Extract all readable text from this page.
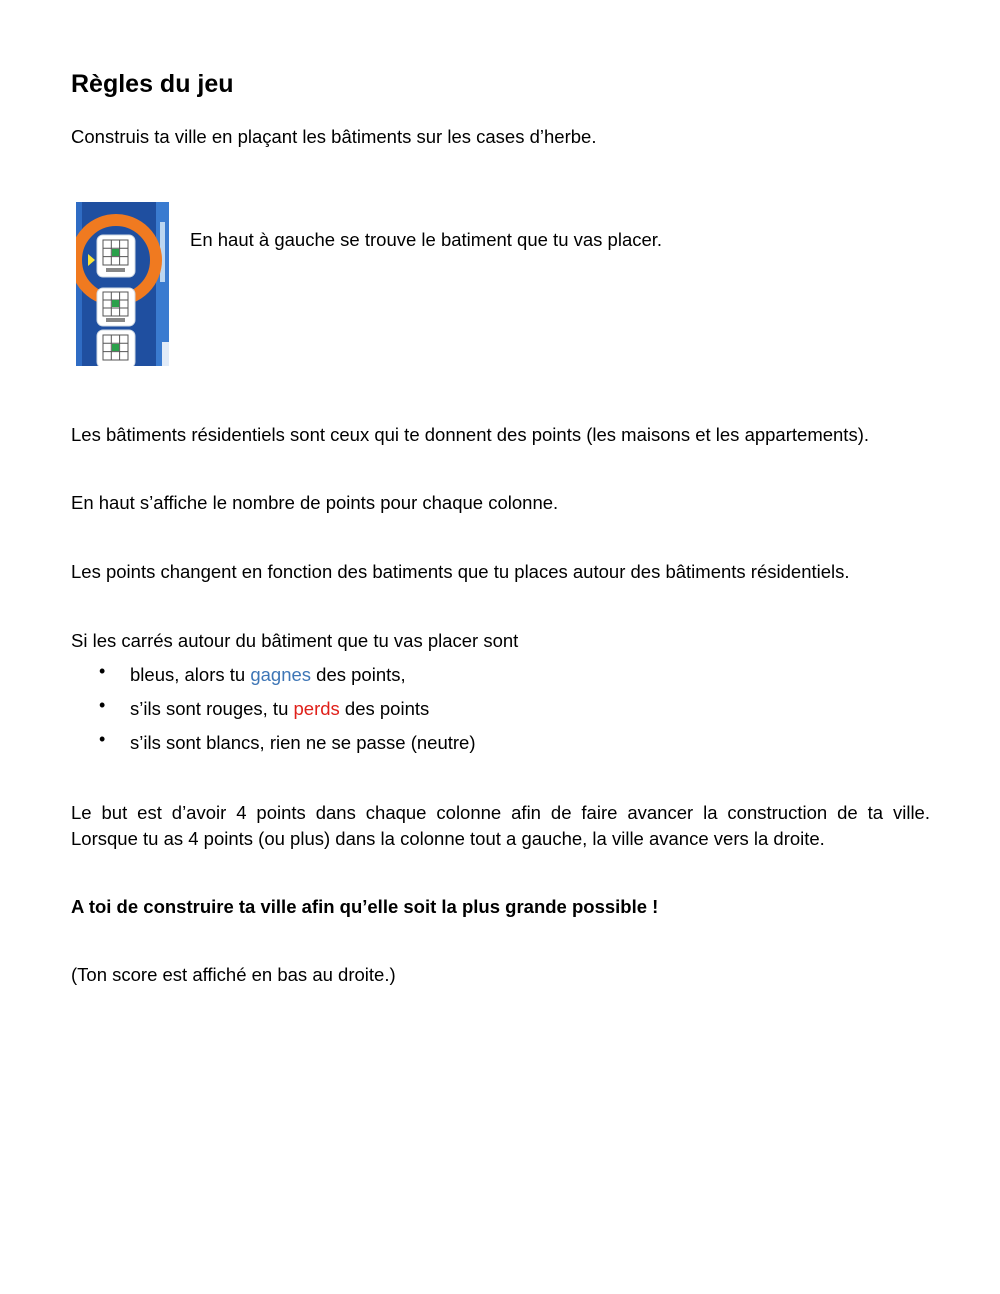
Règles du jeu
Construis ta ville en plaçant les bâtiments sur les cases d’herbe.
En haut à gauche se trouve le batiment que tu vas placer.
Les bâtiments résidentiels sont ceux qui te donnent des points (les maisons et les appartements).
En haut s’affiche le nombre de points pour chaque colonne.
Les points changent en fonction des batiments que tu places autour des bâtiments résidentiels.
Si les carrés autour du bâtiment que tu vas placer sont
• bleus, alors tu gagnes des points,
• s’ils sont rouges, tu perds des points
• s’ils sont blancs, rien ne se passe (neutre)
Le but est d’avoir 4 points dans chaque colonne afin de faire avancer la construction de ta ville.
Lorsque tu as 4 points (ou plus) dans la colonne tout a gauche, la ville avance vers la droite.
A toi de construire ta ville afin qu’elle soit la plus grande possible !
(Ton score est affiché en bas au droite.)
